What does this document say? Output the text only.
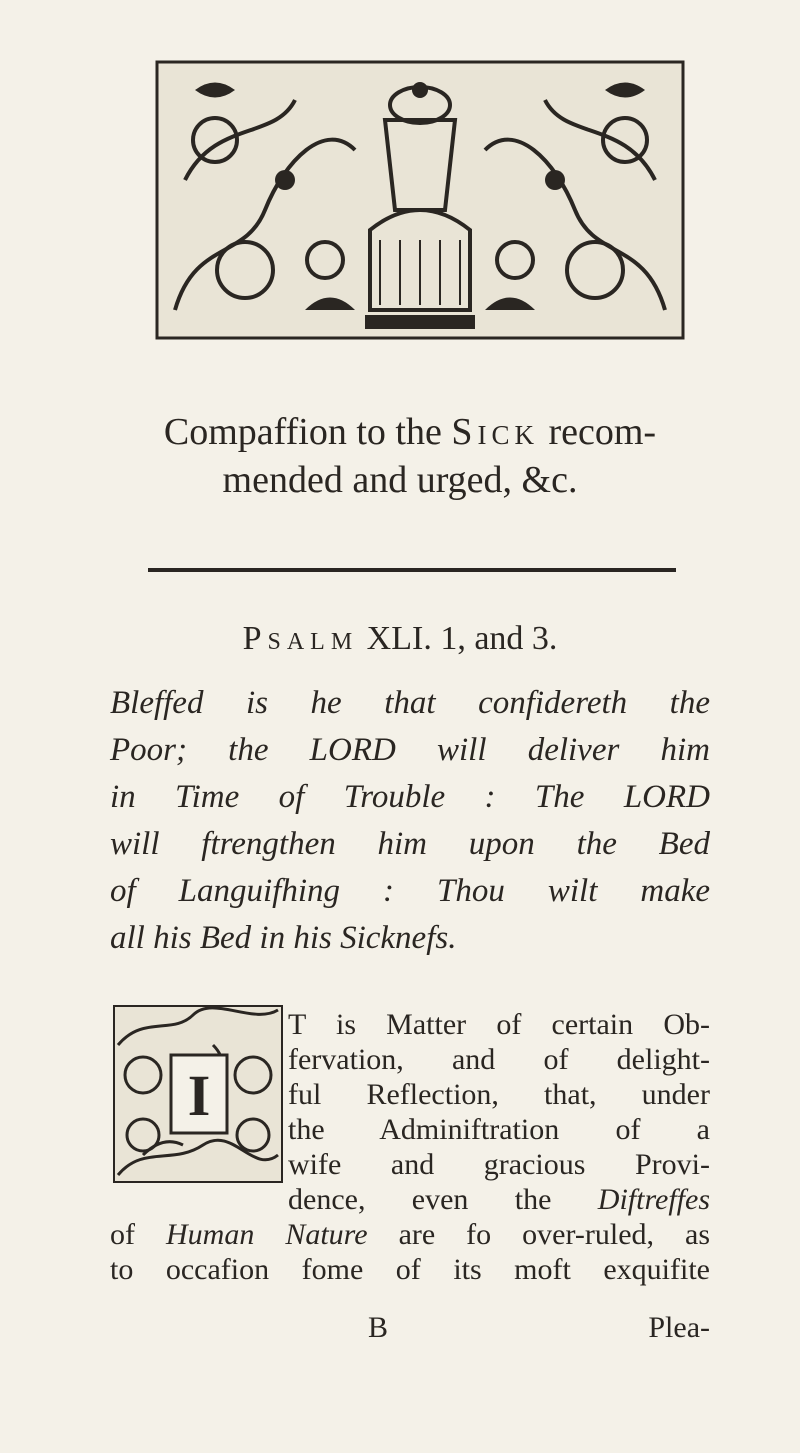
Compaffion to the Sick recom-
mended and urged, &c.
Psalm XLI. 1, and 3.
Bleffed is he that confidereth the
Poor; the LORD will deliver him
in Time of Trouble : The LORD
will ftrengthen him upon the Bed
of Languifhing : Thou wilt make
all his Bed in his Sicknefs.
I
T is Matter of certain Ob-
fervation, and of delight-
ful Reflection, that, under
the Adminiftration of a
wife and gracious Provi-
dence, even the Diftreffes
of Human Nature are fo over-ruled, as
to occafion fome of its moft exquifite
B	Plea-
